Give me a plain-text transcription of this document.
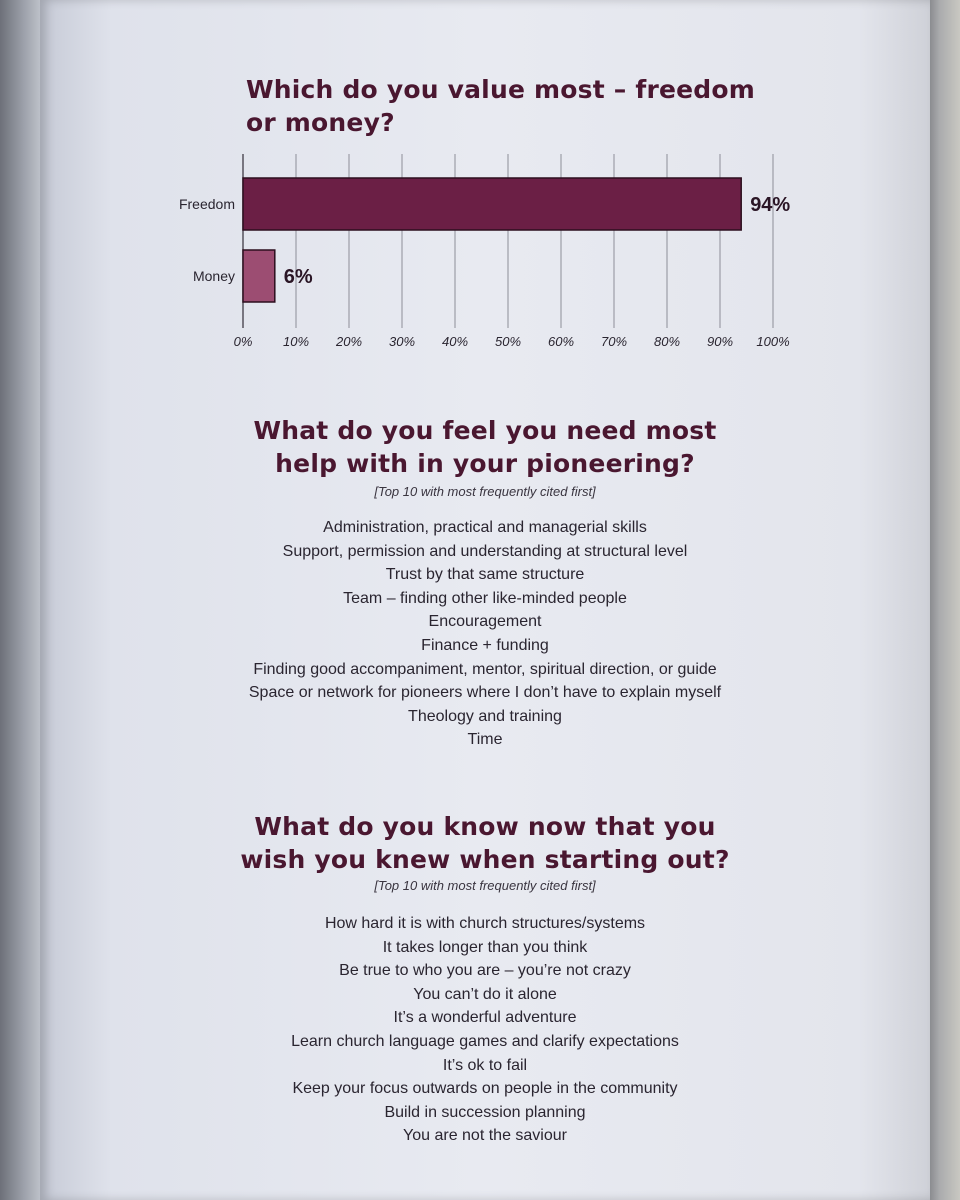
Which do you value most – freedom or money?
0% 10% 20% 30% 40% 50% 60% 70% 80% 90% 100%
Freedom	94%
Money 6%
What do you feel you need most
help with in your pioneering?

[Top 10 with most frequently cited first]

Administration, practical and managerial skills
Support, permission and understanding at structural level
Trust by that same structure
Team – finding other like-minded people
Encouragement
Finance + funding
Finding good accompaniment, mentor, spiritual direction, or guide
Space or network for pioneers where I don’t have to explain myself
Theology and training
Time
What do you know now that you
wish you knew when starting out?

[Top 10 with most frequently cited first]

How hard it is with church structures/systems
It takes longer than you think
Be true to who you are – you’re not crazy
You can’t do it alone
It’s a wonderful adventure
Learn church language games and clarify expectations
It’s ok to fail
Keep your focus outwards on people in the community
Build in succession planning
You are not the saviour
